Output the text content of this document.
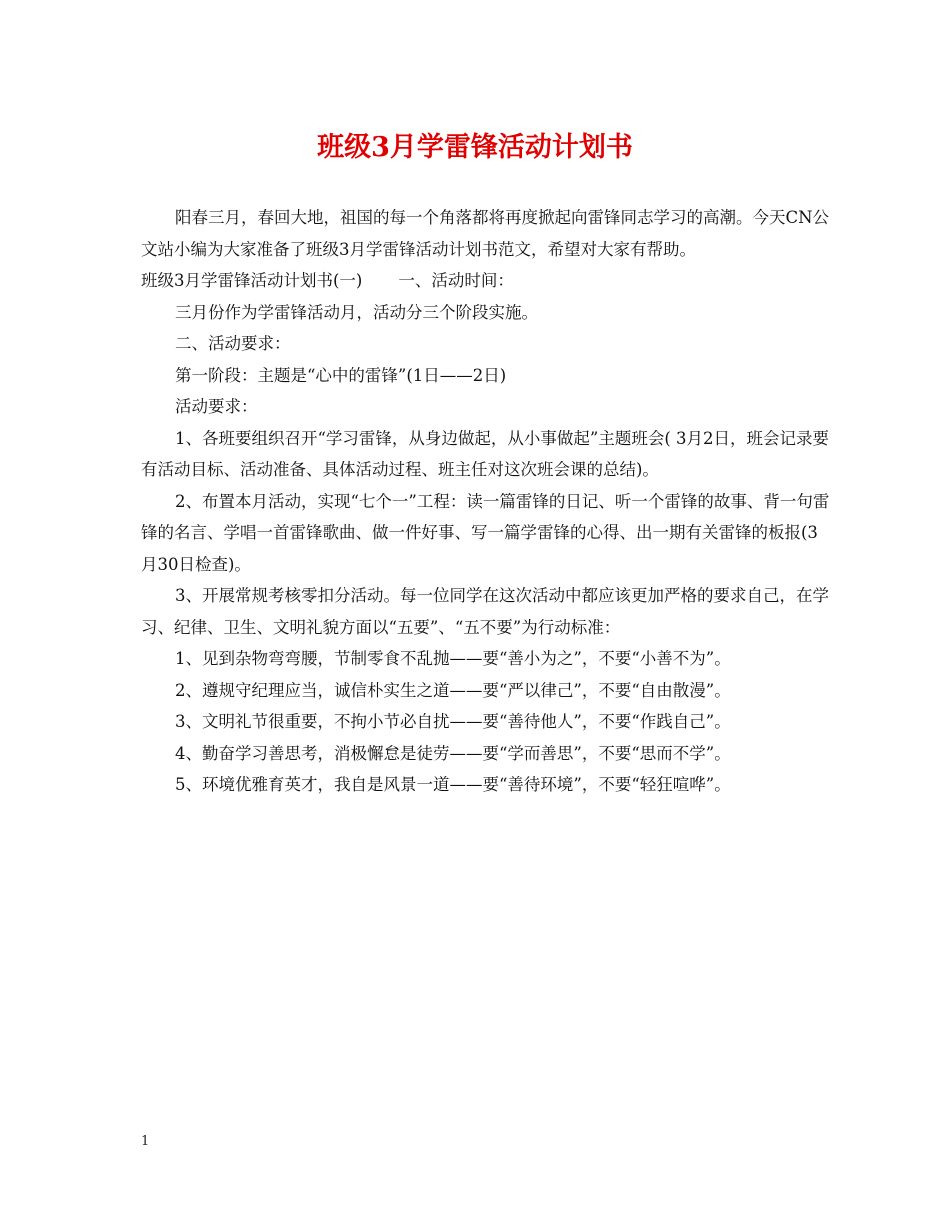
班级3月学雷锋活动计划书

阳春三月，春回大地，祖国的每一个角落都将再度掀起向雷锋同志学习的高潮。今天CN公文站小编为大家准备了班级3月学雷锋活动计划书范文，希望对大家有帮助。

班级3月学雷锋活动计划书(一) 一、活动时间：

三月份作为学雷锋活动月，活动分三个阶段实施。

二、活动要求：

第一阶段：主题是“心中的雷锋”(1日——2日)

活动要求：

1、各班要组织召开“学习雷锋，从身边做起，从小事做起”主题班会( 3月2日，班会记录要有活动目标、活动准备、具体活动过程、班主任对这次班会课的总结)。

2、布置本月活动，实现“七个一”工程：读一篇雷锋的日记、听一个雷锋的故事、背一句雷锋的名言、学唱一首雷锋歌曲、做一件好事、写一篇学雷锋的心得、出一期有关雷锋的板报(3月30日检查)。

3、开展常规考核零扣分活动。每一位同学在这次活动中都应该更加严格的要求自己，在学习、纪律、卫生、文明礼貌方面以“五要”、“五不要”为行动标准：

1、见到杂物弯弯腰，节制零食不乱抛——要“善小为之”，不要“小善不为”。

2、遵规守纪理应当，诚信朴实生之道——要“严以律己”，不要“自由散漫”。

3、文明礼节很重要，不拘小节必自扰——要“善待他人”，不要“作践自己”。

4、勤奋学习善思考，消极懈怠是徒劳——要“学而善思”，不要“思而不学”。

5、环境优雅育英才，我自是风景一道——要“善待环境”，不要“轻狂喧哗”。

1
